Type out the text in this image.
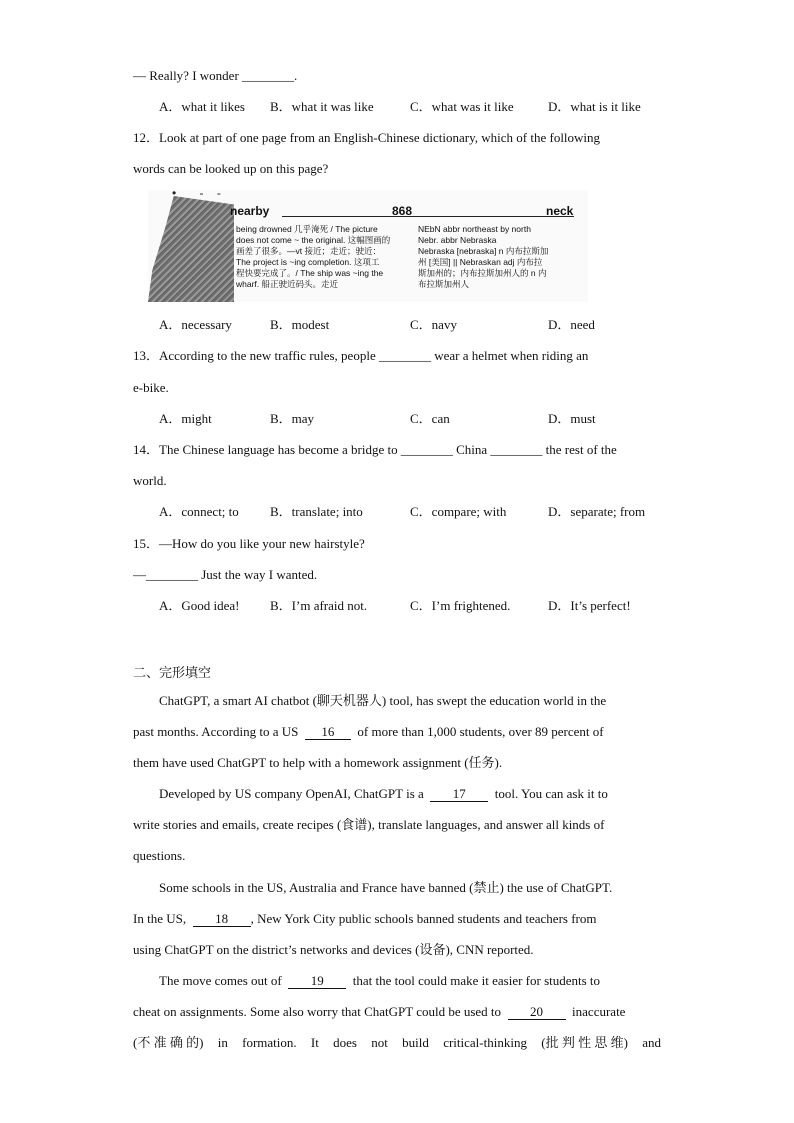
— Really? I wonder ________.
A．what it likes B．what it was like	C．what was it like	D．what is it like
12．Look at part of one page from an English-Chinese dictionary, which of the following
words can be looked up on this page?
•       -    -
nearby	868	neck
being drowned 几乎淹死 / The picture
does not come ~ the original. 这幅图画的
画差了很多。—vt 接近；走近；驶近：
The project is ~ing completion. 这项工
程快要完成了。/ The ship was ~ing the
wharf. 船正驶近码头。走近
NEbN abbr northeast by north
Nebr. abbr Nebraska
Nebraska [nebraska] n 内布拉斯加
州 [美国] || Nebraskan adj 内布拉
斯加州的；内布拉斯加州人的 n 内
布拉斯加州人
A．necessary	B．modest	C．navy	D．need
13．According to the new traffic rules, people ________ wear a helmet when riding an
e-bike.
A．might	B．may	C．can	D．must
14．The Chinese language has become a bridge to ________ China ________ the rest of the
world.
A．connect; to B．translate; into	C．compare; with	D．separate; from
15．—How do you like your new hairstyle?
—________ Just the way I wanted.
A．Good idea! B．I’m afraid not.	C．I’m frightened.	D．It’s perfect!
二、完形填空
ChatGPT, a smart AI chatbot (聊天机器人) tool, has swept the education world in the
past months. According to a US 16 of more than 1,000 students, over 89 percent of
them have used ChatGPT to help with a homework assignment (任务).
Developed by US company OpenAI, ChatGPT is a 17 tool. You can ask it to
write stories and emails, create recipes (食谱), translate languages, and answer all kinds of
questions.
Some schools in the US, Australia and France have banned (禁止) the use of ChatGPT.
In the US, 18 , New York City public schools banned students and teachers from
using ChatGPT on the district’s networks and devices (设备), CNN reported.
The move comes out of 19 that the tool could make it easier for students to
cheat on assignments. Some also worry that ChatGPT could be used to 20 inaccurate
(不 准 确 的) in formation. It does not build critical-thinking (批 判 性 思 维) and
